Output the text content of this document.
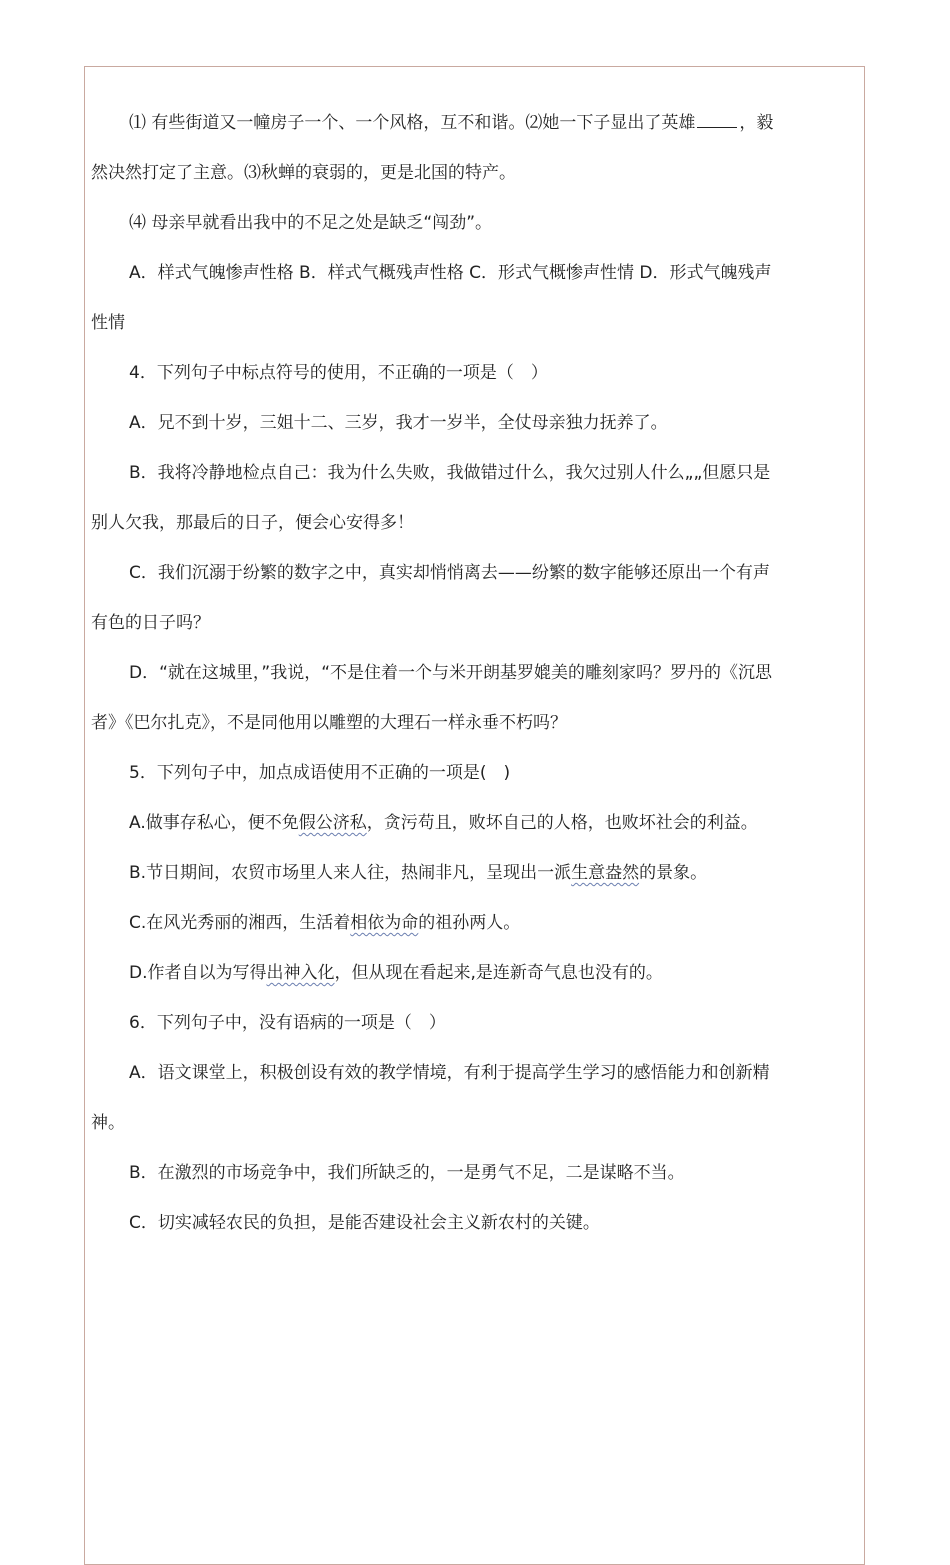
⑴ 有些街道又一幢房子一个、一个风格，互不和谐。⑵她一下子显出了英雄	，毅
然决然打定了主意。⑶秋蝉的衰弱的，更是北国的特产。
⑷ 母亲早就看出我中的不足之处是缺乏“闯劲”。
A．样式气魄惨声性格 B．样式气概残声性格 C．形式气概惨声性情 D．形式气魄残声
性情
4．下列句子中标点符号的使用，不正确的一项是（　）
A．兄不到十岁，三姐十二、三岁，我才一岁半，全仗母亲独力抚养了。
B．我将冷静地检点自己：我为什么失败，我做错过什么，我欠过别人什么„„但愿只是
别人欠我，那最后的日子，便会心安得多！
C．我们沉溺于纷繁的数字之中，真实却悄悄离去——纷繁的数字能够还原出一个有声
有色的日子吗？
D．“就在这城里，”我说，“不是住着一个与米开朗基罗媲美的雕刻家吗？罗丹的《沉思
者》《巴尔扎克》，不是同他用以雕塑的大理石一样永垂不朽吗？
5．下列句子中，加点成语使用不正确的一项是(　)
A.做事存私心，便不免假公济私，贪污苟且，败坏自己的人格，也败坏社会的利益。
B.节日期间，农贸市场里人来人往，热闹非凡，呈现出一派生意盎然的景象。
C.在风光秀丽的湘西，生活着相依为命的祖孙两人。
D.作者自以为写得出神入化，但从现在看起来,是连新奇气息也没有的。
6．下列句子中，没有语病的一项是（　）
A．语文课堂上，积极创设有效的教学情境，有利于提高学生学习的感悟能力和创新精
神。
B．在激烈的市场竞争中，我们所缺乏的，一是勇气不足，二是谋略不当。
C．切实减轻农民的负担，是能否建设社会主义新农村的关键。
